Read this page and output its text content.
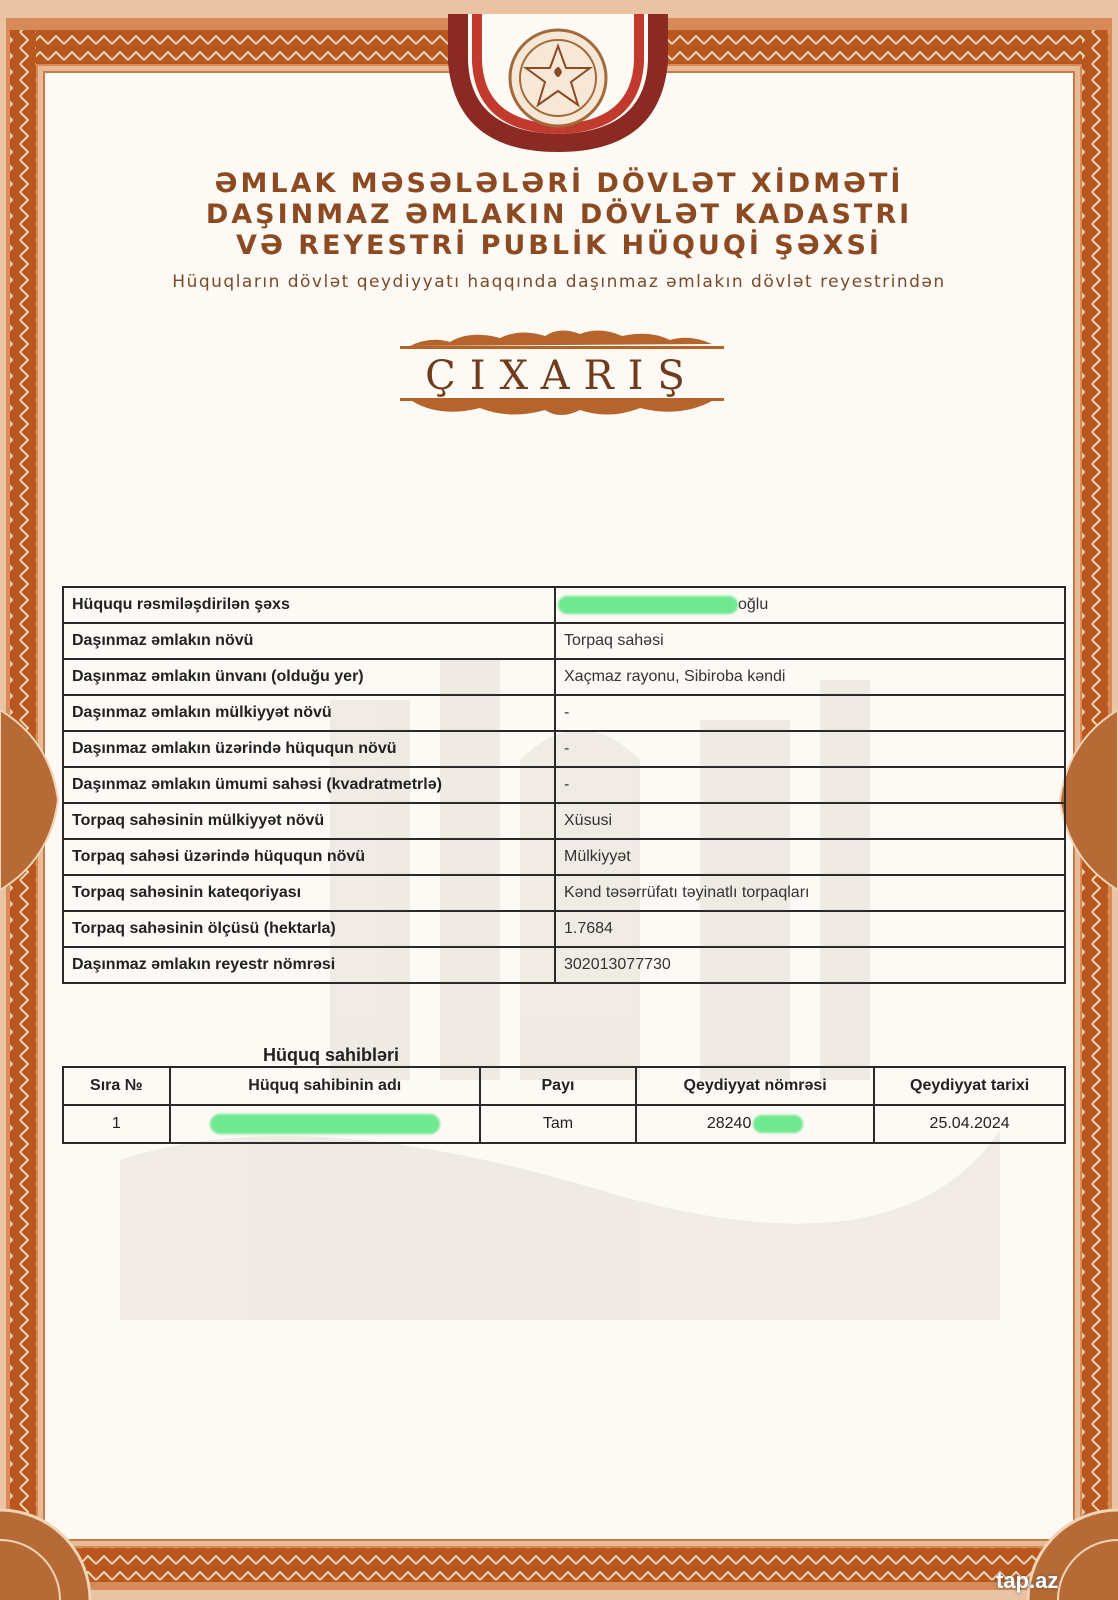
ƏMLAK MƏSƏLƏLƏRİ DÖVLƏT XİDMƏTİ

DAŞINMAZ ƏMLAKIN DÖVLƏT KADASTRI

VƏ REYESTRİ PUBLİK HÜQUQİ ŞƏXSİ

Hüquqların dövlət qeydiyyatı haqqında daşınmaz əmlakın dövlət reyestrindən

ÇIXARIŞ
Hüququ rəsmiləşdirilən şəxs	oğlu
Daşınmaz əmlakın növü	Torpaq sahəsi
Daşınmaz əmlakın ünvanı (olduğu yer)	Xaçmaz rayonu, Sibiroba kəndi
Daşınmaz əmlakın mülkiyyət növü	-
Daşınmaz əmlakın üzərində hüququn növü	-
Daşınmaz əmlakın ümumi sahəsi (kvadratmetrlə)	-
Torpaq sahəsinin mülkiyyət növü	Xüsusi
Torpaq sahəsi üzərində hüququn növü	Mülkiyyət
Torpaq sahəsinin kateqoriyası	Kənd təsərrüfatı təyinatlı torpaqları
Torpaq sahəsinin ölçüsü (hektarla)	1.7684
Daşınmaz əmlakın reyestr nömrəsi	302013077730
Hüquq sahibləri
Sıra №	Hüquq sahibinin adı	Payı	Qeydiyyat nömrəsi	Qeydiyyat tarixi
1		Tam	28240	25.04.2024
tap.az
